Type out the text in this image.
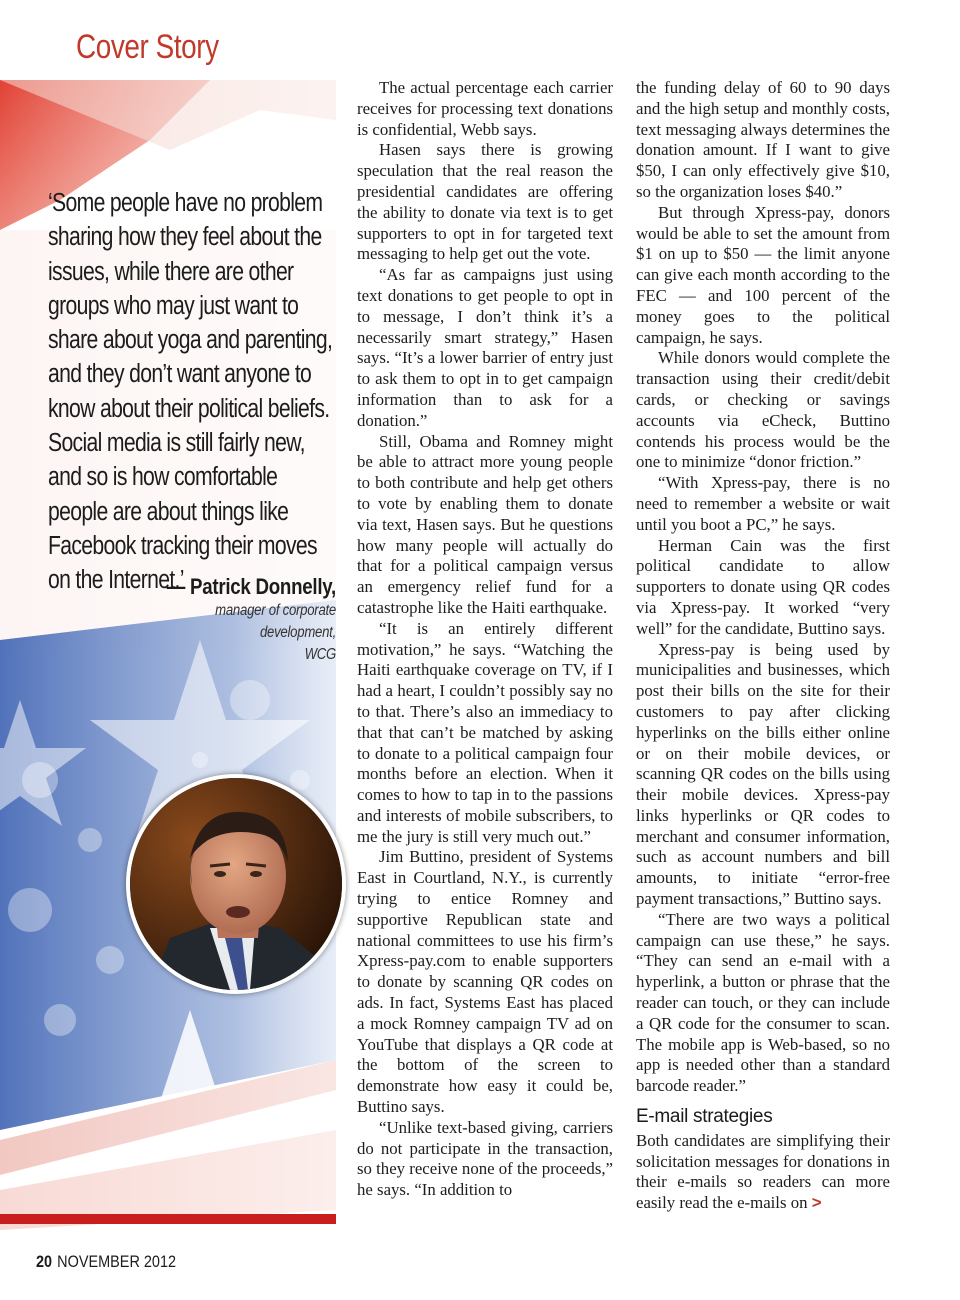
Cover Story
‘Some people have no problem sharing how they feel about the issues, while there are other groups who may just want to share about yoga and parenting, and they don’t want anyone to know about their political beliefs. Social media is still fairly new, and so is how comfortable people are about things like Facebook tracking their moves on the Internet.’
— Patrick Donnelly,
manager of corporate
development,
WCG

The actual percentage each carrier receives for processing text donations is confidential, Webb says.

Hasen says there is growing speculation that the real reason the presidential candidates are offering the ability to donate via text is to get supporters to opt in for targeted text messaging to help get out the vote.

“As far as campaigns just using text donations to get people to opt in to message, I don’t think it’s a necessarily smart strategy,” Hasen says. “It’s a lower barrier of entry just to ask them to opt in to get campaign information than to ask for a donation.”

Still, Obama and Romney might be able to attract more young people to both contribute and help get others to vote by enabling them to donate via text, Hasen says. But he questions how many people will actually do that for a political campaign versus an emergency relief fund for a catastrophe like the Haiti earthquake.

“It is an entirely different motivation,” he says. “Watching the Haiti earthquake coverage on TV, if I had a heart, I couldn’t possibly say no to that. There’s also an immediacy to that that can’t be matched by asking to donate to a political campaign four months before an election. When it comes to how to tap in to the passions and interests of mobile subscribers, to me the jury is still very much out.”

Jim Buttino, president of Systems East in Courtland, N.Y., is currently trying to entice Romney and supportive Republican state and national committees to use his firm’s Xpress-pay.com to enable supporters to donate by scanning QR codes on ads. In fact, Systems East has placed a mock Romney campaign TV ad on YouTube that displays a QR code at the bottom of the screen to demonstrate how easy it could be, Buttino says.

“Unlike text-based giving, carriers do not participate in the transaction, so they receive none of the proceeds,” he says. “In addition to

the funding delay of 60 to 90 days and the high setup and monthly costs, text messaging always determines the donation amount. If I want to give $50, I can only effectively give $10, so the organization loses $40.”

But through Xpress-pay, donors would be able to set the amount from $1 on up to $50 — the limit anyone can give each month according to the FEC — and 100 percent of the money goes to the political campaign, he says.

While donors would complete the transaction using their credit/debit cards, or checking or savings accounts via eCheck, Buttino contends his process would be the one to minimize “donor friction.”

“With Xpress-pay, there is no need to remember a website or wait until you boot a PC,” he says.

Herman Cain was the first political candidate to allow supporters to donate using QR codes via Xpress-pay. It worked “very well” for the candidate, Buttino says.

Xpress-pay is being used by municipalities and businesses, which post their bills on the site for their customers to pay after clicking hyperlinks on the bills either online or on their mobile devices, or scanning QR codes on the bills using their mobile devices. Xpress-pay links hyperlinks or QR codes to merchant and consumer information, such as account numbers and bill amounts, to initiate “error-free payment transactions,” Buttino says.

“There are two ways a political campaign can use these,” he says. “They can send an e-mail with a hyperlink, a button or phrase that the reader can touch, or they can include a QR code for the consumer to scan. The mobile app is Web-based, so no app is needed other than a standard barcode reader.”

E-mail strategies

Both candidates are simplifying their solicitation messages for donations in their e-mails so readers can more easily read the e-mails on >

20 NOVEMBER 2012
